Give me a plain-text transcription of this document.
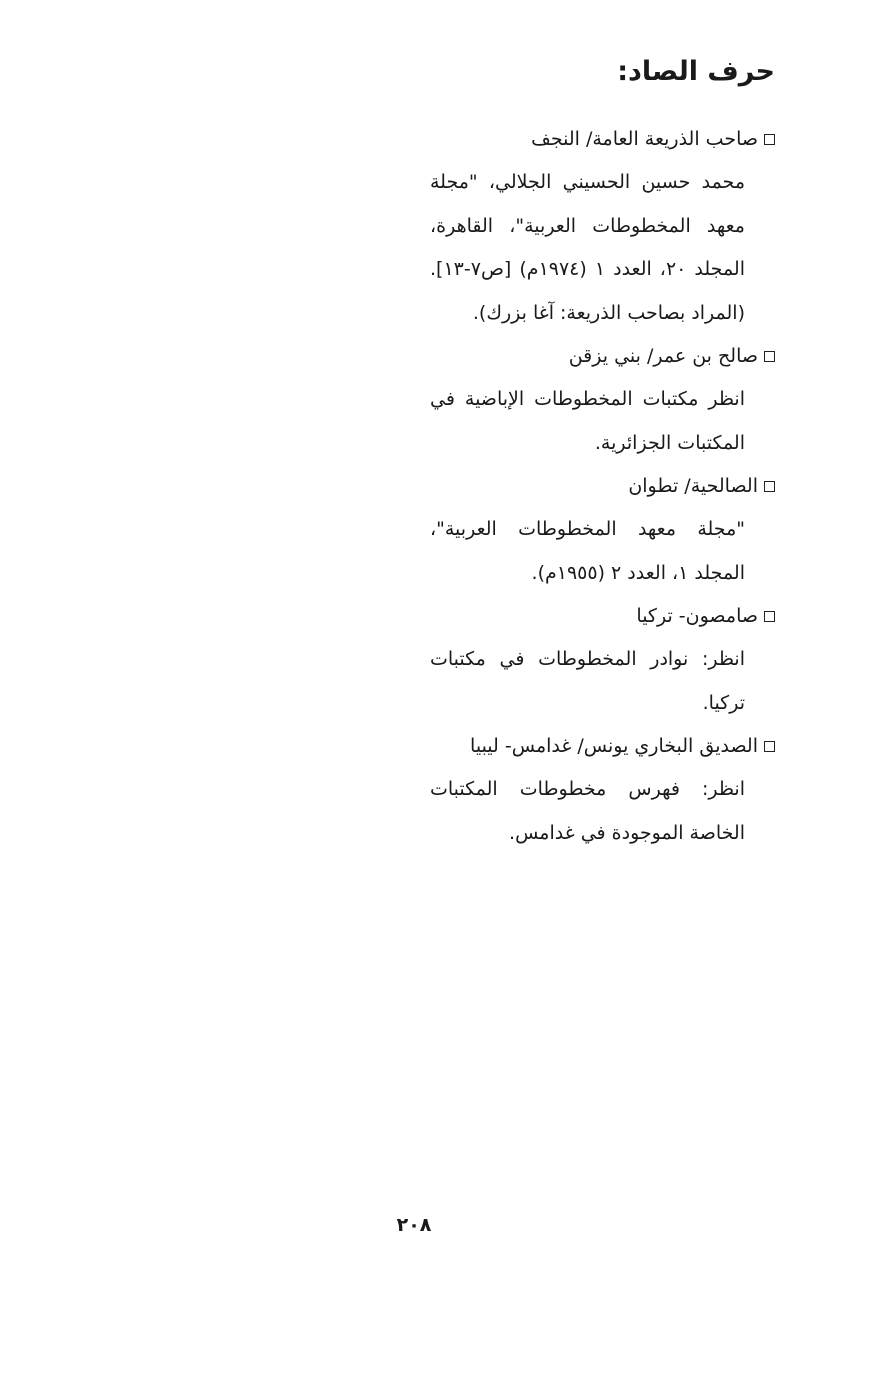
حرف الصاد:
صاحب الذريعة العامة/ النجف
محمد حسين الحسيني الجلالي، "مجلة معهد المخطوطات العربية"، القاهرة، المجلد ٢٠، العدد ١ (١٩٧٤م) [ص٧-١٣]. (المراد بصاحب الذريعة: آغا بزرك).
صالح بن عمر/ بني يزقن
انظر مكتبات المخطوطات الإباضية في المكتبات الجزائرية.
الصالحية/ تطوان
"مجلة معهد المخطوطات العربية"، المجلد ١، العدد ٢ (١٩٥٥م).
صامصون- تركيا
انظر: نوادر المخطوطات في مكتبات تركيا.
الصديق البخاري يونس/ غدامس- ليبيا
انظر: فهرس مخطوطات المكتبات الخاصة الموجودة في غدامس.
٢٠٨
